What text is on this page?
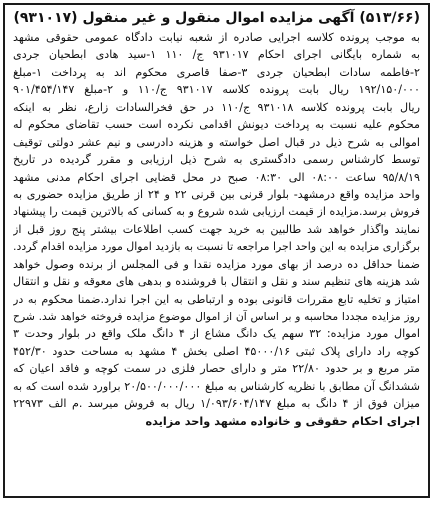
(۵۱۳/۶۶) آگهی مزایده اموال منقول و غیر منقول (۹۳۱۰۱۷)
به موجب پرونده کلاسه اجرایی صادره از شعبه نیابت دادگاه عمومی حقوقی مشهد
به شماره بایگانی اجرای احکام ۹۳۱۰۱۷ ج/ ۱۱۰ ۱-سید هادی ابطحیان جردی
۲-فاطمه سادات ابطحیان جردی ۳-صفا قاصری محکوم اند به پرداخت ۱-مبلغ
۱۹۲/۱۵۰/۰۰۰ ریال بابت پرونده کلاسه ۹۳۱۰۱۷ ج/۱۱۰ و ۲-مبلغ ۹۰۱/۴۵۴/۱۴۷
ریال بابت پرونده کلاسه ۹۳۱۰۱۸ ج/۱۱۰ در حق فخرالسادات زارع، نظر به اینکه
محکوم علیه نسبت به پرداخت دیونش اقدامی نکرده است حسب تقاضای محکوم له
اموالی به شرح ذیل در قبال اصل خواسته و هزینه دادرسی و نیم عشر دولتی توقیف
توسط کارشناس رسمی دادگستری به شرح ذیل ارزیابی و مقرر گردیده در تاریخ
۹۵/۸/۱۹ ساعت ۰۸:۰۰ الی ۰۸:۳۰ صبح در محل قضایی اجرای احکام مدنی مشهد
واحد مزایده واقع درمشهد- بلوار قرنی بین قرنی ۲۲ و ۲۴ از طریق مزایده حضوری به
فروش برسد.مزایده از قیمت ارزیابی شده شروع و به کسانی که بالاترین قیمت را پیشنهاد
نمایند واگذار خواهد شد طالبین به خرید جهت کسب اطلاعات بیشتر پنج روز قبل از
برگزاری مزایده به این واحد اجرا مراجعه تا نسبت به بازدید اموال مورد مزایده اقدام گردد.
ضمنا حداقل ده درصد از بهای مورد مزایده نقدا و فی المجلس از برنده وصول خواهد
شد هزینه های تنظیم سند و نقل و انتقال با فروشنده و بدهی های معوقه و نقل و انتقال
امتیاز و تخلیه تابع مقررات قانونی بوده و ارتباطی به این اجرا ندارد.ضمنا محکوم به در
روز مزایده مجددا محاسبه و بر اساس آن از اموال موضوع مزایده فروخته خواهد شد. شرح
اموال مورد مزایده: ۳۲ سهم یک دانگ مشاع از ۴ دانگ ملک واقع در بلوار وحدت ۳
کوچه راد دارای پلاک ثبتی ۴۵۰۰۰/۱۶ اصلی بخش ۴ مشهد به مساحت حدود ۴۵۲/۳۰
متر مربع و بر حدود ۲۲/۸۰ متر و دارای حصار فلزی در سمت کوچه و فاقد اعیان که
ششدانگ آن مطابق با نظریه کارشناس به مبلغ ۲۰/۵۰۰/۰۰۰/۰۰۰ براورد شده است که به
میزان فوق از ۴ دانگ به مبلغ ۱/۰۹۳/۶۰۴/۱۴۷ ریال به فروش میرسد .م الف ۲۲۹۷۳
اجرای احکام حقوقی و خانواده مشهد واحد مزایده
